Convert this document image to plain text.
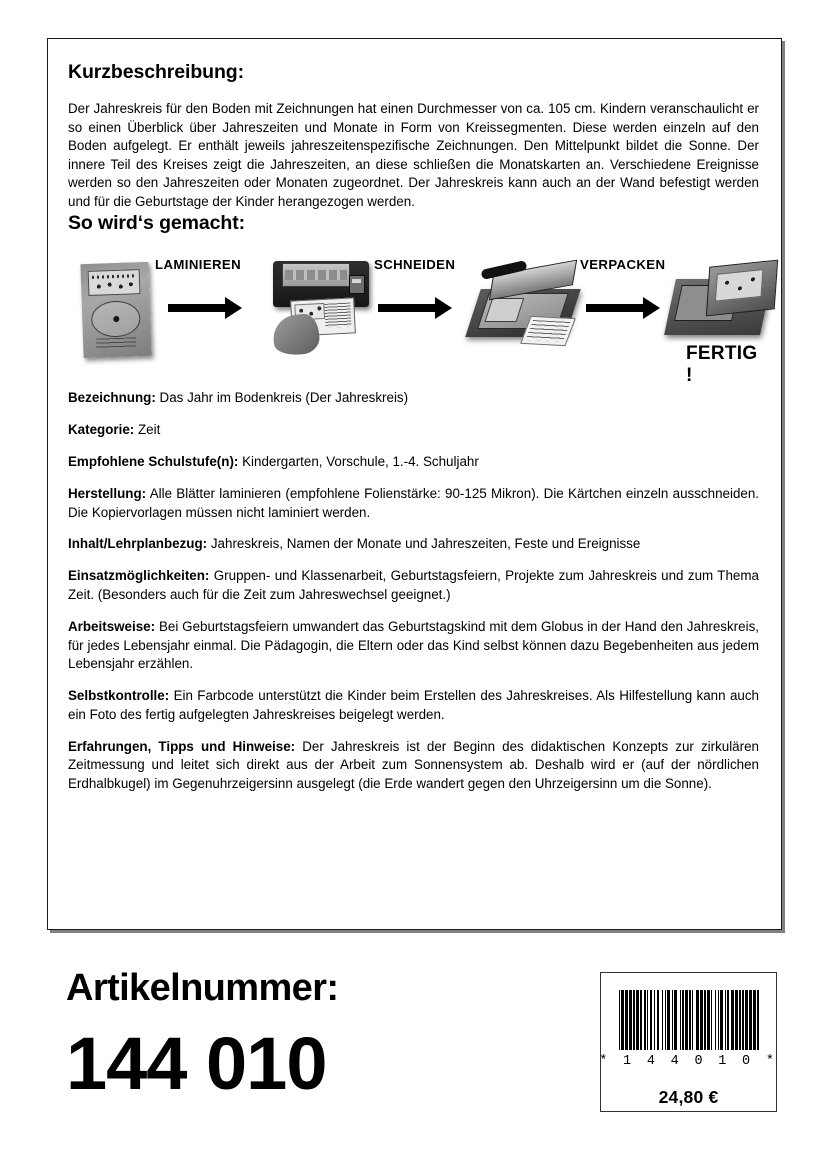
Kurzbeschreibung:

Der Jahreskreis für den Boden mit Zeichnungen hat einen Durchmesser von ca. 105 cm. Kindern veranschaulicht er so einen Überblick über Jahreszeiten und Monate in Form von Kreissegmenten. Diese werden einzeln auf den Boden aufgelegt. Er enthält jeweils jahreszeitenspezifische Zeichnungen. Den Mittelpunkt bildet die Sonne. Der innere Teil des Kreises zeigt die Jahreszeiten, an diese schließen die Monatskarten an. Verschiedene Ereignisse werden so den Jahreszeiten oder Monaten zugeordnet. Der Jahreskreis kann auch an der Wand befestigt werden und für die Geburtstage der Kinder herangezogen werden.

So wird‘s gemacht:
LAMINIEREN	SCHNEIDEN	VERPACKEN
FERTIG !

Bezeichnung: Das Jahr im Bodenkreis (Der Jahreskreis)

Kategorie: Zeit

Empfohlene Schulstufe(n): Kindergarten, Vorschule, 1.-4. Schuljahr

Herstellung: Alle Blätter laminieren (empfohlene Folienstärke: 90-125 Mikron). Die Kärtchen einzeln ausschneiden. Die Kopiervorlagen müssen nicht laminiert werden.

Inhalt/Lehrplanbezug: Jahreskreis, Namen der Monate und Jahreszeiten, Feste und Ereignisse

Einsatzmöglichkeiten: Gruppen- und Klassenarbeit, Geburtstagsfeiern, Projekte zum Jahreskreis und zum Thema Zeit. (Besonders auch für die Zeit zum Jahreswechsel geeignet.)

Arbeitsweise: Bei Geburtstagsfeiern umwandert das Geburtstagskind mit dem Globus in der Hand den Jahreskreis, für jedes Lebensjahr einmal. Die Pädagogin, die Eltern oder das Kind selbst können dazu Begebenheiten aus jedem Lebensjahr erzählen.

Selbstkontrolle: Ein Farbcode unterstützt die Kinder beim Erstellen des Jahreskreises. Als Hilfestellung kann auch ein Foto des fertig aufgelegten Jahreskreises beigelegt werden.

Erfahrungen, Tipps und Hinweise: Der Jahreskreis ist der Beginn des didaktischen Konzepts zur zirkulären Zeitmessung und leitet sich direkt aus der Arbeit zum Sonnensystem ab. Deshalb wird er (auf der nördlichen Erdhalbkugel) im Gegenuhrzeigersinn ausgelegt (die Erde wandert gegen den Uhrzeigersinn um die Sonne).

Artikelnummer:
144 010	* 1 4 4 0 1 0 *
24,80 €
